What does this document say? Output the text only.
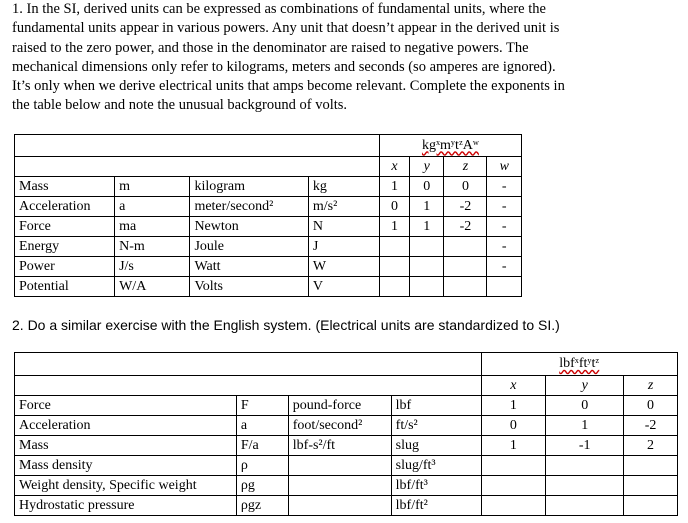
1. In the SI, derived units can be expressed as combinations of fundamental units, where the
fundamental units appear in various powers. Any unit that doesn’t appear in the derived unit is
raised to the zero power, and those in the denominator are raised to negative powers. The
mechanical dimensions only refer to kilograms, meters and seconds (so amperes are ignored).
It’s only when we derive electrical units that amps become relevant. Complete the exponents in
the table below and note the unusual background of volts.
				kgˣmʸtᶻAʷ			
				x	y	z	w
Mass	m	kilogram	kg	1	0	0	-
Acceleration	a	meter/second²	m/s²	0	1	-2	-
Force	ma	Newton	N	1	1	-2	-
Energy	N-m	Joule	J				-
Power	J/s	Watt	W				-
Potential	W/A	Volts	V				
2. Do a similar exercise with the English system. (Electrical units are standardized to SI.)
				lbfˣftʸtᶻ		
				x	y	z
Force	F	pound-force	lbf	1	0	0
Acceleration	a	foot/second²	ft/s²	0	1	-2
Mass	F/a	lbf-s²/ft	slug	1	-1	2
Mass density	ρ		slug/ft³			
Weight density, Specific weight	ρg		lbf/ft³			
Hydrostatic pressure	ρgz		lbf/ft²			
